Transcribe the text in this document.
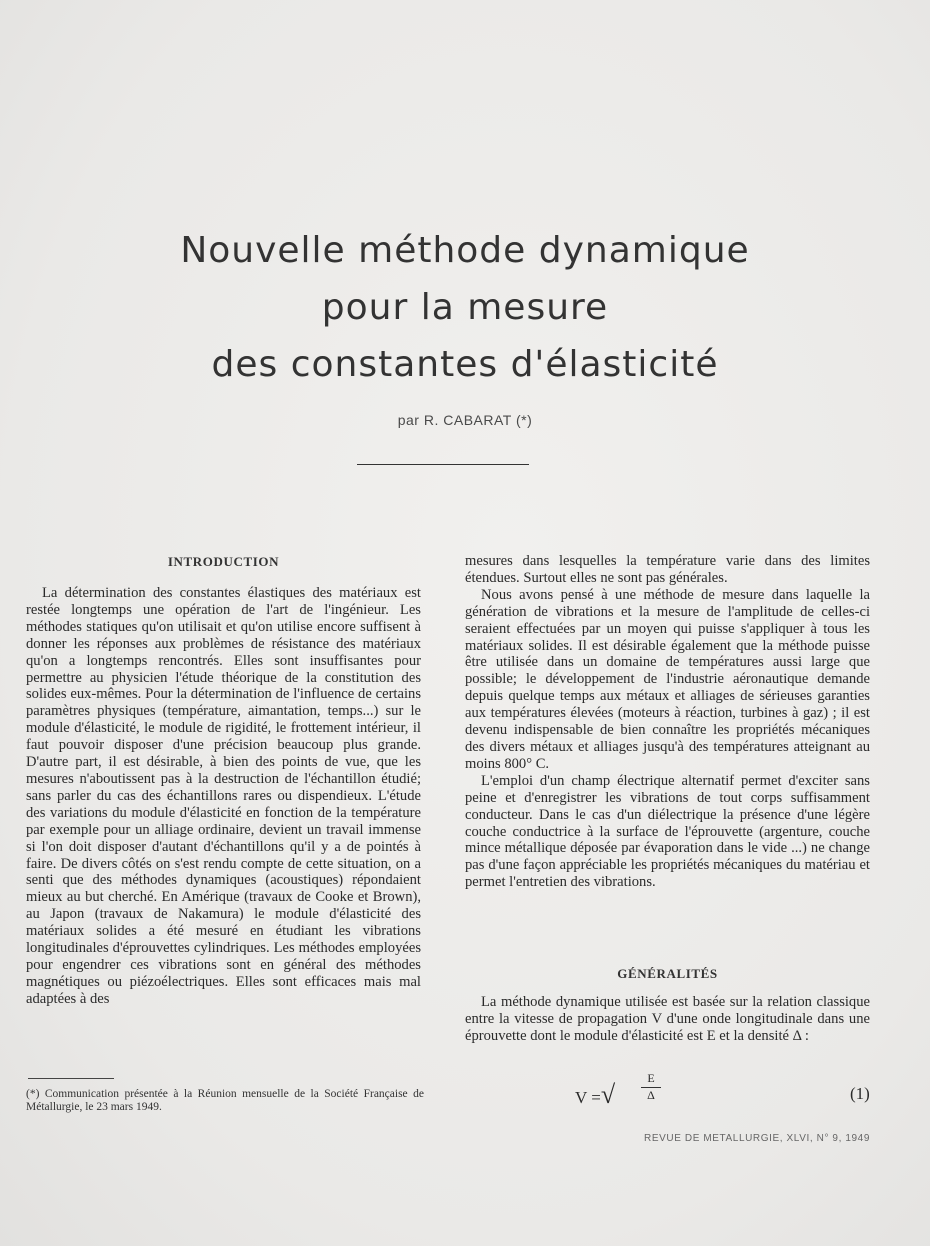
Nouvelle méthode dynamique
pour la mesure
des constantes d'élasticité
par R. CABARAT (*)
INTRODUCTION

La détermination des constantes élastiques des matériaux est restée longtemps une opération de l'art de l'ingénieur. Les méthodes statiques qu'on utilisait et qu'on utilise encore suffisent à donner les réponses aux problèmes de résistance des matériaux qu'on a longtemps rencontrés. Elles sont insuffisantes pour permettre au physicien l'étude théorique de la constitution des solides eux-mêmes. Pour la détermination de l'influence de certains paramètres physiques (température, aimantation, temps...) sur le module d'élasticité, le module de rigidité, le frottement intérieur, il faut pouvoir disposer d'une précision beaucoup plus grande. D'autre part, il est désirable, à bien des points de vue, que les mesures n'aboutissent pas à la destruction de l'échantillon étudié; sans parler du cas des échantillons rares ou dispendieux. L'étude des variations du module d'élasticité en fonction de la température par exemple pour un alliage ordinaire, devient un travail immense si l'on doit disposer d'autant d'échantillons qu'il y a de pointés à faire. De divers côtés on s'est rendu compte de cette situation, on a senti que des méthodes dynamiques (acoustiques) répondaient mieux au but cherché. En Amérique (travaux de Cooke et Brown), au Japon (travaux de Nakamura) le module d'élasticité des matériaux solides a été mesuré en étudiant les vibrations longitudinales d'éprouvettes cylindriques. Les méthodes employées pour engendrer ces vibrations sont en général des méthodes magnétiques ou piézoélectriques. Elles sont efficaces mais mal adaptées à des

mesures dans lesquelles la température varie dans des limites étendues. Surtout elles ne sont pas générales.

Nous avons pensé à une méthode de mesure dans laquelle la génération de vibrations et la mesure de l'amplitude de celles-ci seraient effectuées par un moyen qui puisse s'appliquer à tous les matériaux solides. Il est désirable également que la méthode puisse être utilisée dans un domaine de températures aussi large que possible; le développement de l'industrie aéronautique demande depuis quelque temps aux métaux et alliages de sérieuses garanties aux températures élevées (moteurs à réaction, turbines à gaz) ; il est devenu indispensable de bien connaître les propriétés mécaniques des divers métaux et alliages jusqu'à des températures atteignant au moins 800° C.

L'emploi d'un champ électrique alternatif permet d'exciter sans peine et d'enregistrer les vibrations de tout corps suffisamment conducteur. Dans le cas d'un diélectrique la présence d'une légère couche conductrice à la surface de l'éprouvette (argenture, couche mince métallique déposée par évaporation dans le vide ...) ne change pas d'une façon appréciable les propriétés mécaniques du matériau et permet l'entretien des vibrations.

GÉNÉRALITÉS

La méthode dynamique utilisée est basée sur la relation classique entre la vitesse de propagation V d'une onde longitudinale dans une éprouvette dont le module d'élasticité est E et la densité Δ :

V =√
E
Δ	(1)
(*) Communication présentée à la Réunion mensuelle de la Société Française de Métallurgie, le 23 mars 1949.
REVUE DE METALLURGIE, XLVI, N° 9, 1949
